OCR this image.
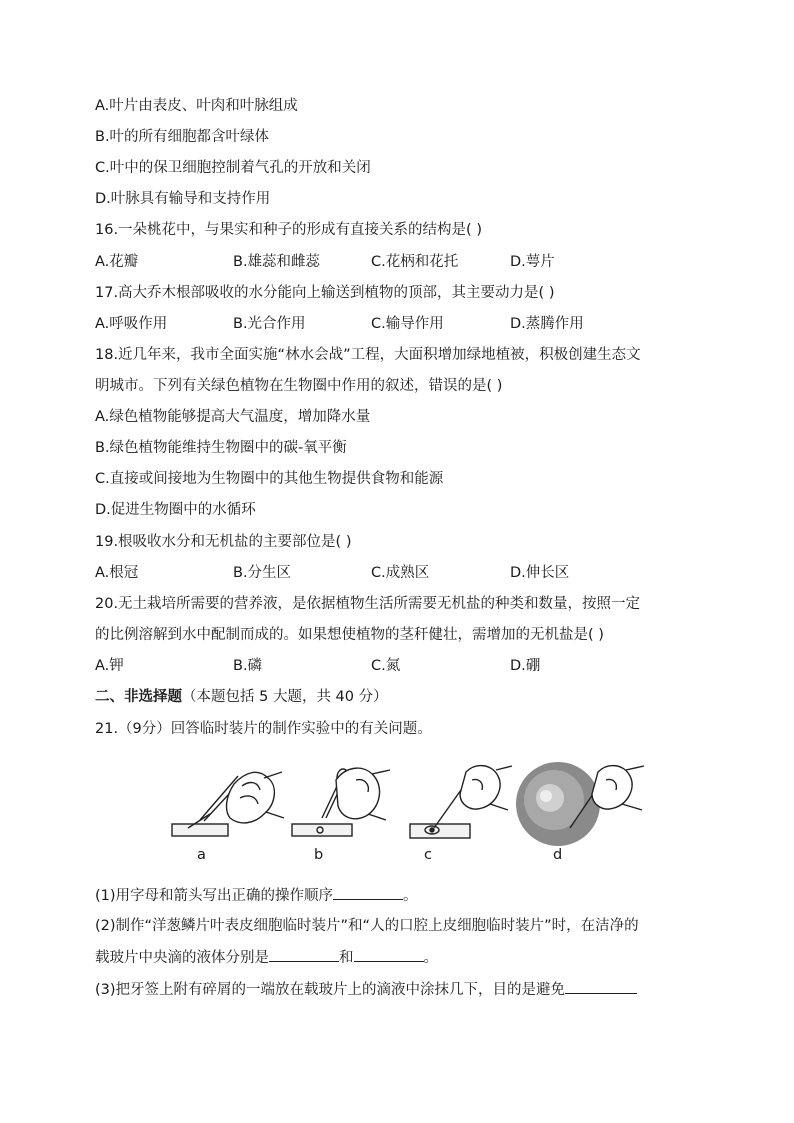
A.叶片由表皮、叶肉和叶脉组成
B.叶的所有细胞都含叶绿体
C.叶中的保卫细胞控制着气孔的开放和关闭
D.叶脉具有输导和支持作用
16.一朵桃花中，与果实和种子的形成有直接关系的结构是( )
A.花瓣	B.雄蕊和雌蕊	C.花柄和花托	D.萼片
17.高大乔木根部吸收的水分能向上输送到植物的顶部，其主要动力是( )
A.呼吸作用	B.光合作用	C.输导作用	D.蒸腾作用
18.近几年来，我市全面实施“林水会战”工程，大面积增加绿地植被，积极创建生态文
明城市。下列有关绿色植物在生物圈中作用的叙述，错误的是( )
A.绿色植物能够提高大气温度，增加降水量
B.绿色植物能维持生物圈中的碳-氧平衡
C.直接或间接地为生物圈中的其他生物提供食物和能源
D.促进生物圈中的水循环
19.根吸收水分和无机盐的主要部位是( )
A.根冠	B.分生区	C.成熟区	D.伸长区
20.无土栽培所需要的营养液，是依据植物生活所需要无机盐的种类和数量，按照一定
的比例溶解到水中配制而成的。如果想使植物的茎秆健壮，需增加的无机盐是( )
A.钾	B.磷	C.氮	D.硼
二、非选择题（本题包括 5 大题，共 40 分）
21.（9分）回答临时装片的制作实验中的有关问题。
a	b	c	d
(1)用字母和箭头写出正确的操作顺序	。
(2)制作“洋葱鳞片叶表皮细胞临时装片”和“人的口腔上皮细胞临时装片”时，在洁净的
载玻片中央滴的液体分别是	和	。
(3)把牙签上附有碎屑的一端放在载玻片上的滴液中涂抹几下，目的是避免
